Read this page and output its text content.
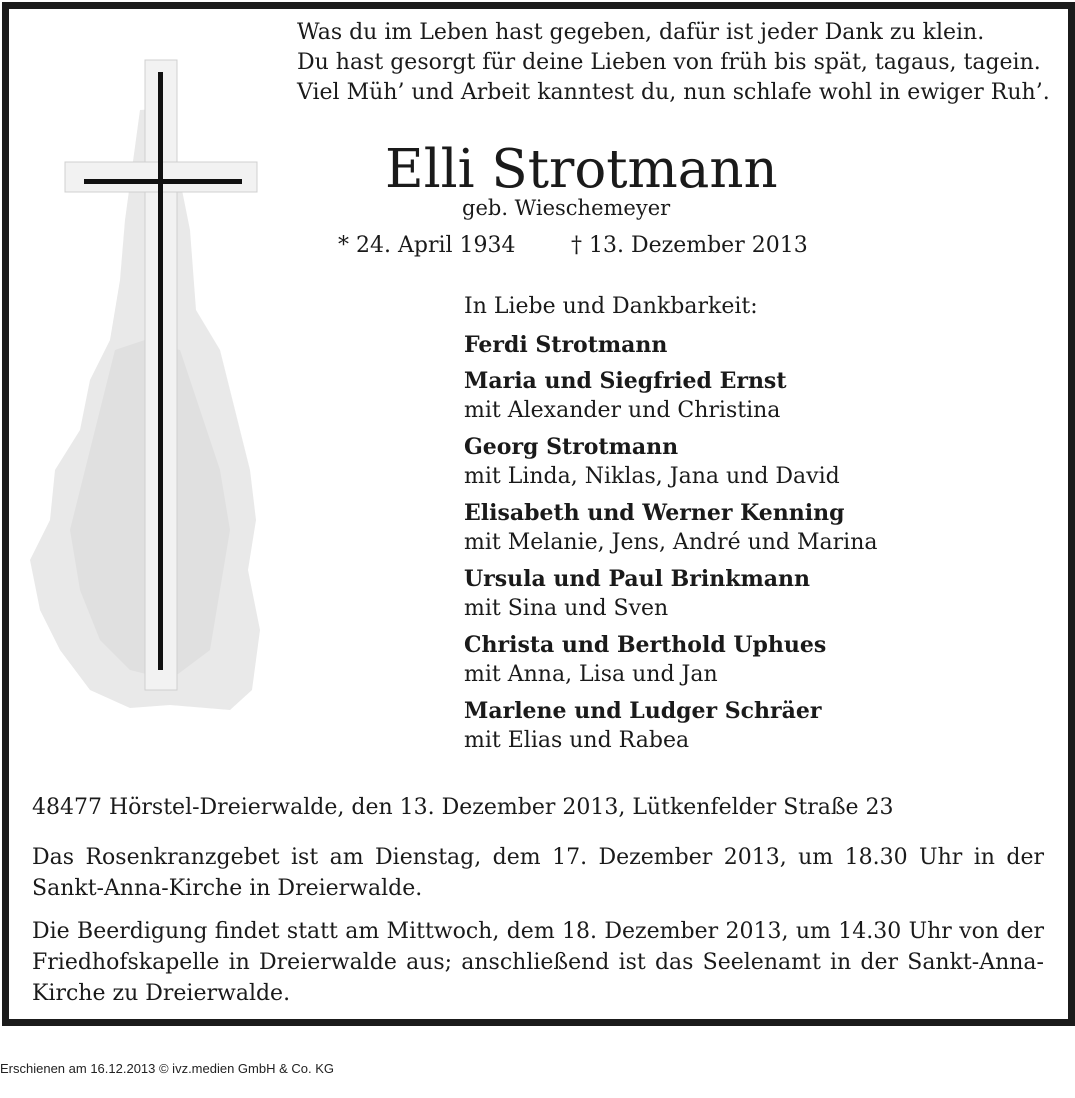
Was du im Leben hast gegeben, dafür ist jeder Dank zu klein.
Du hast gesorgt für deine Lieben von früh bis spät, tagaus, tagein.
Viel Müh’ und Arbeit kanntest du, nun schlafe wohl in ewiger Ruh’.
Elli Strotmann
geb. Wieschemeyer
* 24. April 1934	† 13. Dezember 2013
In Liebe und Dankbarkeit:
Ferdi Strotmann
Maria und Siegfried Ernst
mit Alexander und Christina
Georg Strotmann
mit Linda, Niklas, Jana und David
Elisabeth und Werner Kenning
mit Melanie, Jens, André und Marina
Ursula und Paul Brinkmann
mit Sina und Sven
Christa und Berthold Uphues
mit Anna, Lisa und Jan
Marlene und Ludger Schräer
mit Elias und Rabea
48477 Hörstel-Dreierwalde, den 13. Dezember 2013, Lütkenfelder Straße 23
Das Rosenkranzgebet ist am Dienstag, dem 17. Dezember 2013, um 18.30 Uhr in der Sankt-Anna-Kirche in Dreierwalde.
Die Beerdigung findet statt am Mittwoch, dem 18. Dezember 2013, um 14.30 Uhr von der Friedhofskapelle in Dreierwalde aus; anschließend ist das Seelenamt in der Sankt-Anna-Kirche zu Dreierwalde.
Erschienen am 16.12.2013 © ivz.medien GmbH & Co. KG
